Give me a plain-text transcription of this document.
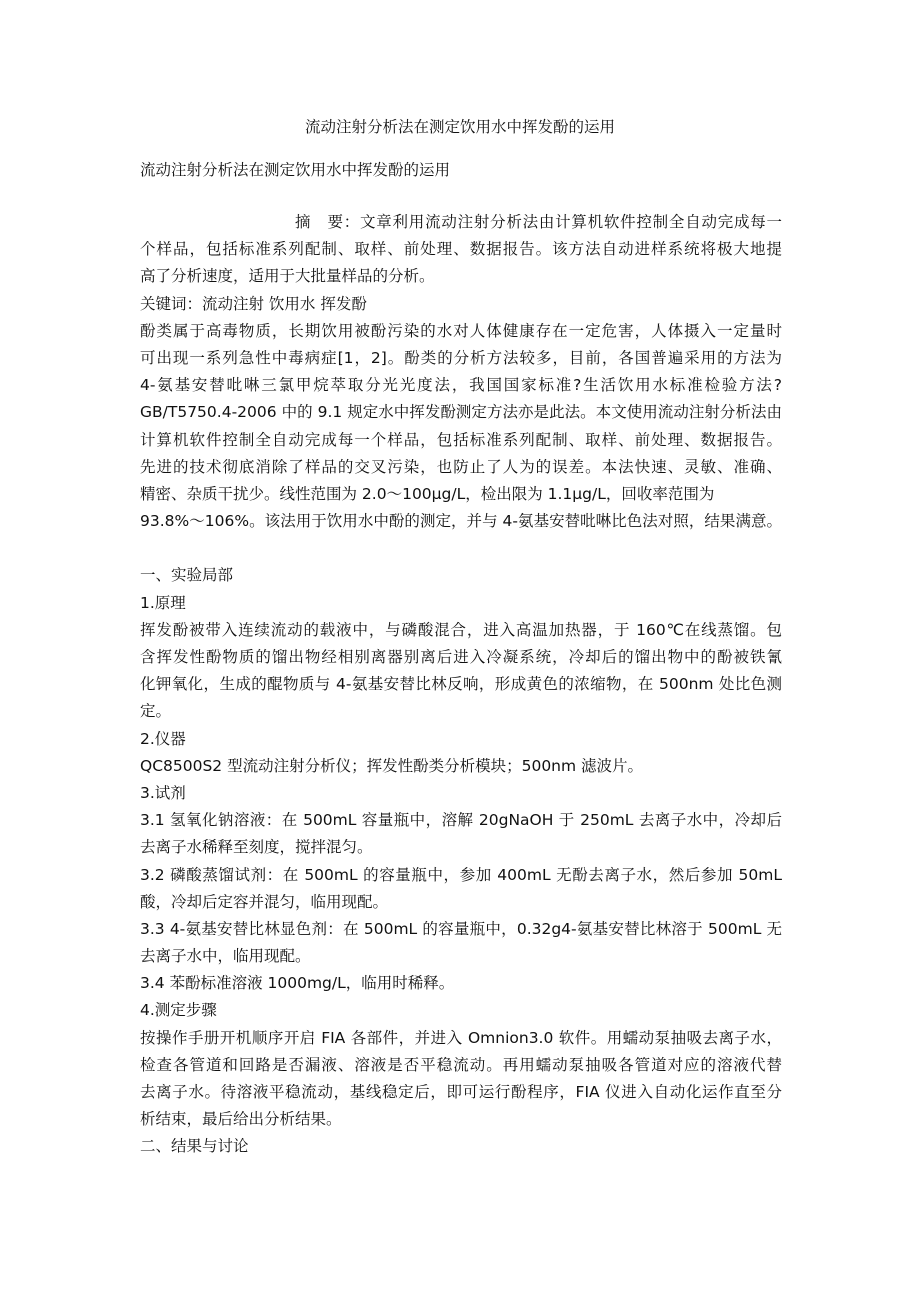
流动注射分析法在测定饮用水中挥发酚的运用
流动注射分析法在测定饮用水中挥发酚的运用
摘　要：文章利用流动注射分析法由计算机软件控制全自动完成每一
个样品，包括标准系列配制、取样、前处理、数据报告。该方法自动进样系统将极大地提
高了分析速度，适用于大批量样品的分析。
关键词：流动注射 饮用水 挥发酚
酚类属于高毒物质，长期饮用被酚污染的水对人体健康存在一定危害，人体摄入一定量时
可出现一系列急性中毒病症[1，2]。酚类的分析方法较多，目前，各国普遍采用的方法为
4-氨基安替吡啉三氯甲烷萃取分光光度法，我国国家标准?生活饮用水标准检验方法?
GB/T5750.4-2006 中的 9.1 规定水中挥发酚测定方法亦是此法。本文使用流动注射分析法由
计算机软件控制全自动完成每一个样品，包括标准系列配制、取样、前处理、数据报告。
先进的技术彻底消除了样品的交叉污染，也防止了人为的误差。本法快速、灵敏、准确、
精密、杂质干扰少。线性范围为 2.0～100μg/L，检出限为 1.1μg/L，回收率范围为
93.8%～106%。该法用于饮用水中酚的测定，并与 4-氨基安替吡啉比色法对照，结果满意。
一、实验局部
1.原理
挥发酚被带入连续流动的载液中，与磷酸混合，进入高温加热器，于 160℃在线蒸馏。包
含挥发性酚物质的馏出物经相别离器别离后进入冷凝系统，冷却后的馏出物中的酚被铁氰
化钾氧化，生成的醌物质与 4-氨基安替比林反响，形成黄色的浓缩物，在 500nm 处比色测
定。
2.仪器
QC8500S2 型流动注射分析仪；挥发性酚类分析模块；500nm 滤波片。
3.试剂
3.1 氢氧化钠溶液：在 500mL 容量瓶中，溶解 20gNaOH 于 250mL 去离子水中，冷却后
去离子水稀释至刻度，搅拌混匀。
3.2 磷酸蒸馏试剂：在 500mL 的容量瓶中，参加 400mL 无酚去离子水，然后参加 50mL
酸，冷却后定容并混匀，临用现配。
3.3 4-氨基安替比林显色剂：在 500mL 的容量瓶中，0.32g4-氨基安替比林溶于 500mL 无
去离子水中，临用现配。
3.4 苯酚标准溶液 1000mg/L，临用时稀释。
4.测定步骤
按操作手册开机顺序开启 FIA 各部件，并进入 Omnion3.0 软件。用蠕动泵抽吸去离子水，
检查各管道和回路是否漏液、溶液是否平稳流动。再用蠕动泵抽吸各管道对应的溶液代替
去离子水。待溶液平稳流动，基线稳定后，即可运行酚程序，FIA 仪进入自动化运作直至分
析结束，最后给出分析结果。
二、结果与讨论
